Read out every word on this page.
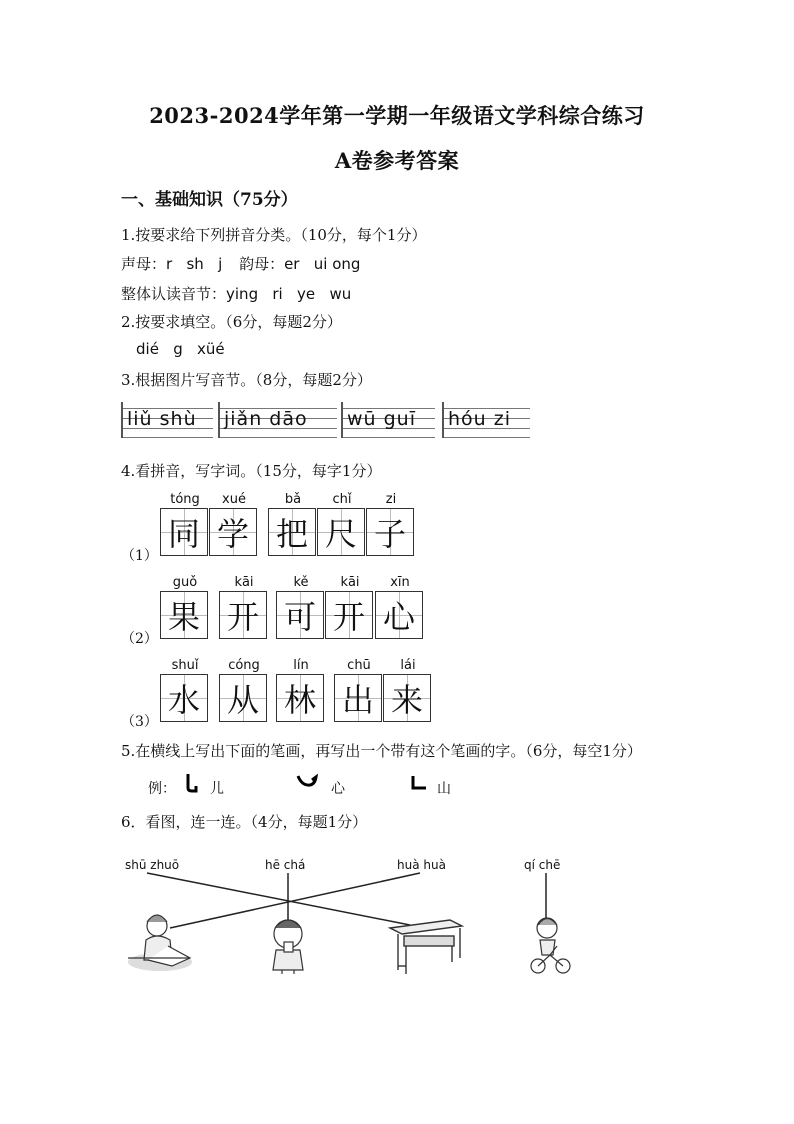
2023-2024学年第一学期一年级语文学科综合练习
A卷参考答案
一、基础知识（75分）
1.按要求给下列拼音分类。（10分，每个1分）
声母：r   sh   j 韵母：er   ui ong
整体认读音节：ying   ri   ye   wu
2.按要求填空。（6分，每题2分）
dié   g   xüé
3.根据图片写音节。（8分，每题2分）
liǔ shù jiǎn dāo wū guī hóu zi
4.看拼音，写字词。（15分，每字1分）
（1）
tóng	xué	bǎ	chǐ	zi
同 学 把 尺 子
（2）
guǒ	kāi	kě	kāi	xīn
果 开 可 开 心
（3）
shuǐ	cóng	lín	chū	lái
水 从 林 出 来
5.在横线上写出下面的笔画，再写出一个带有这个笔画的字。（6分，每空1分）
例： 儿	心	山
6．看图，连一连。（4分，每题1分）
shū zhuō	hē chá	huà huà	qí chē
